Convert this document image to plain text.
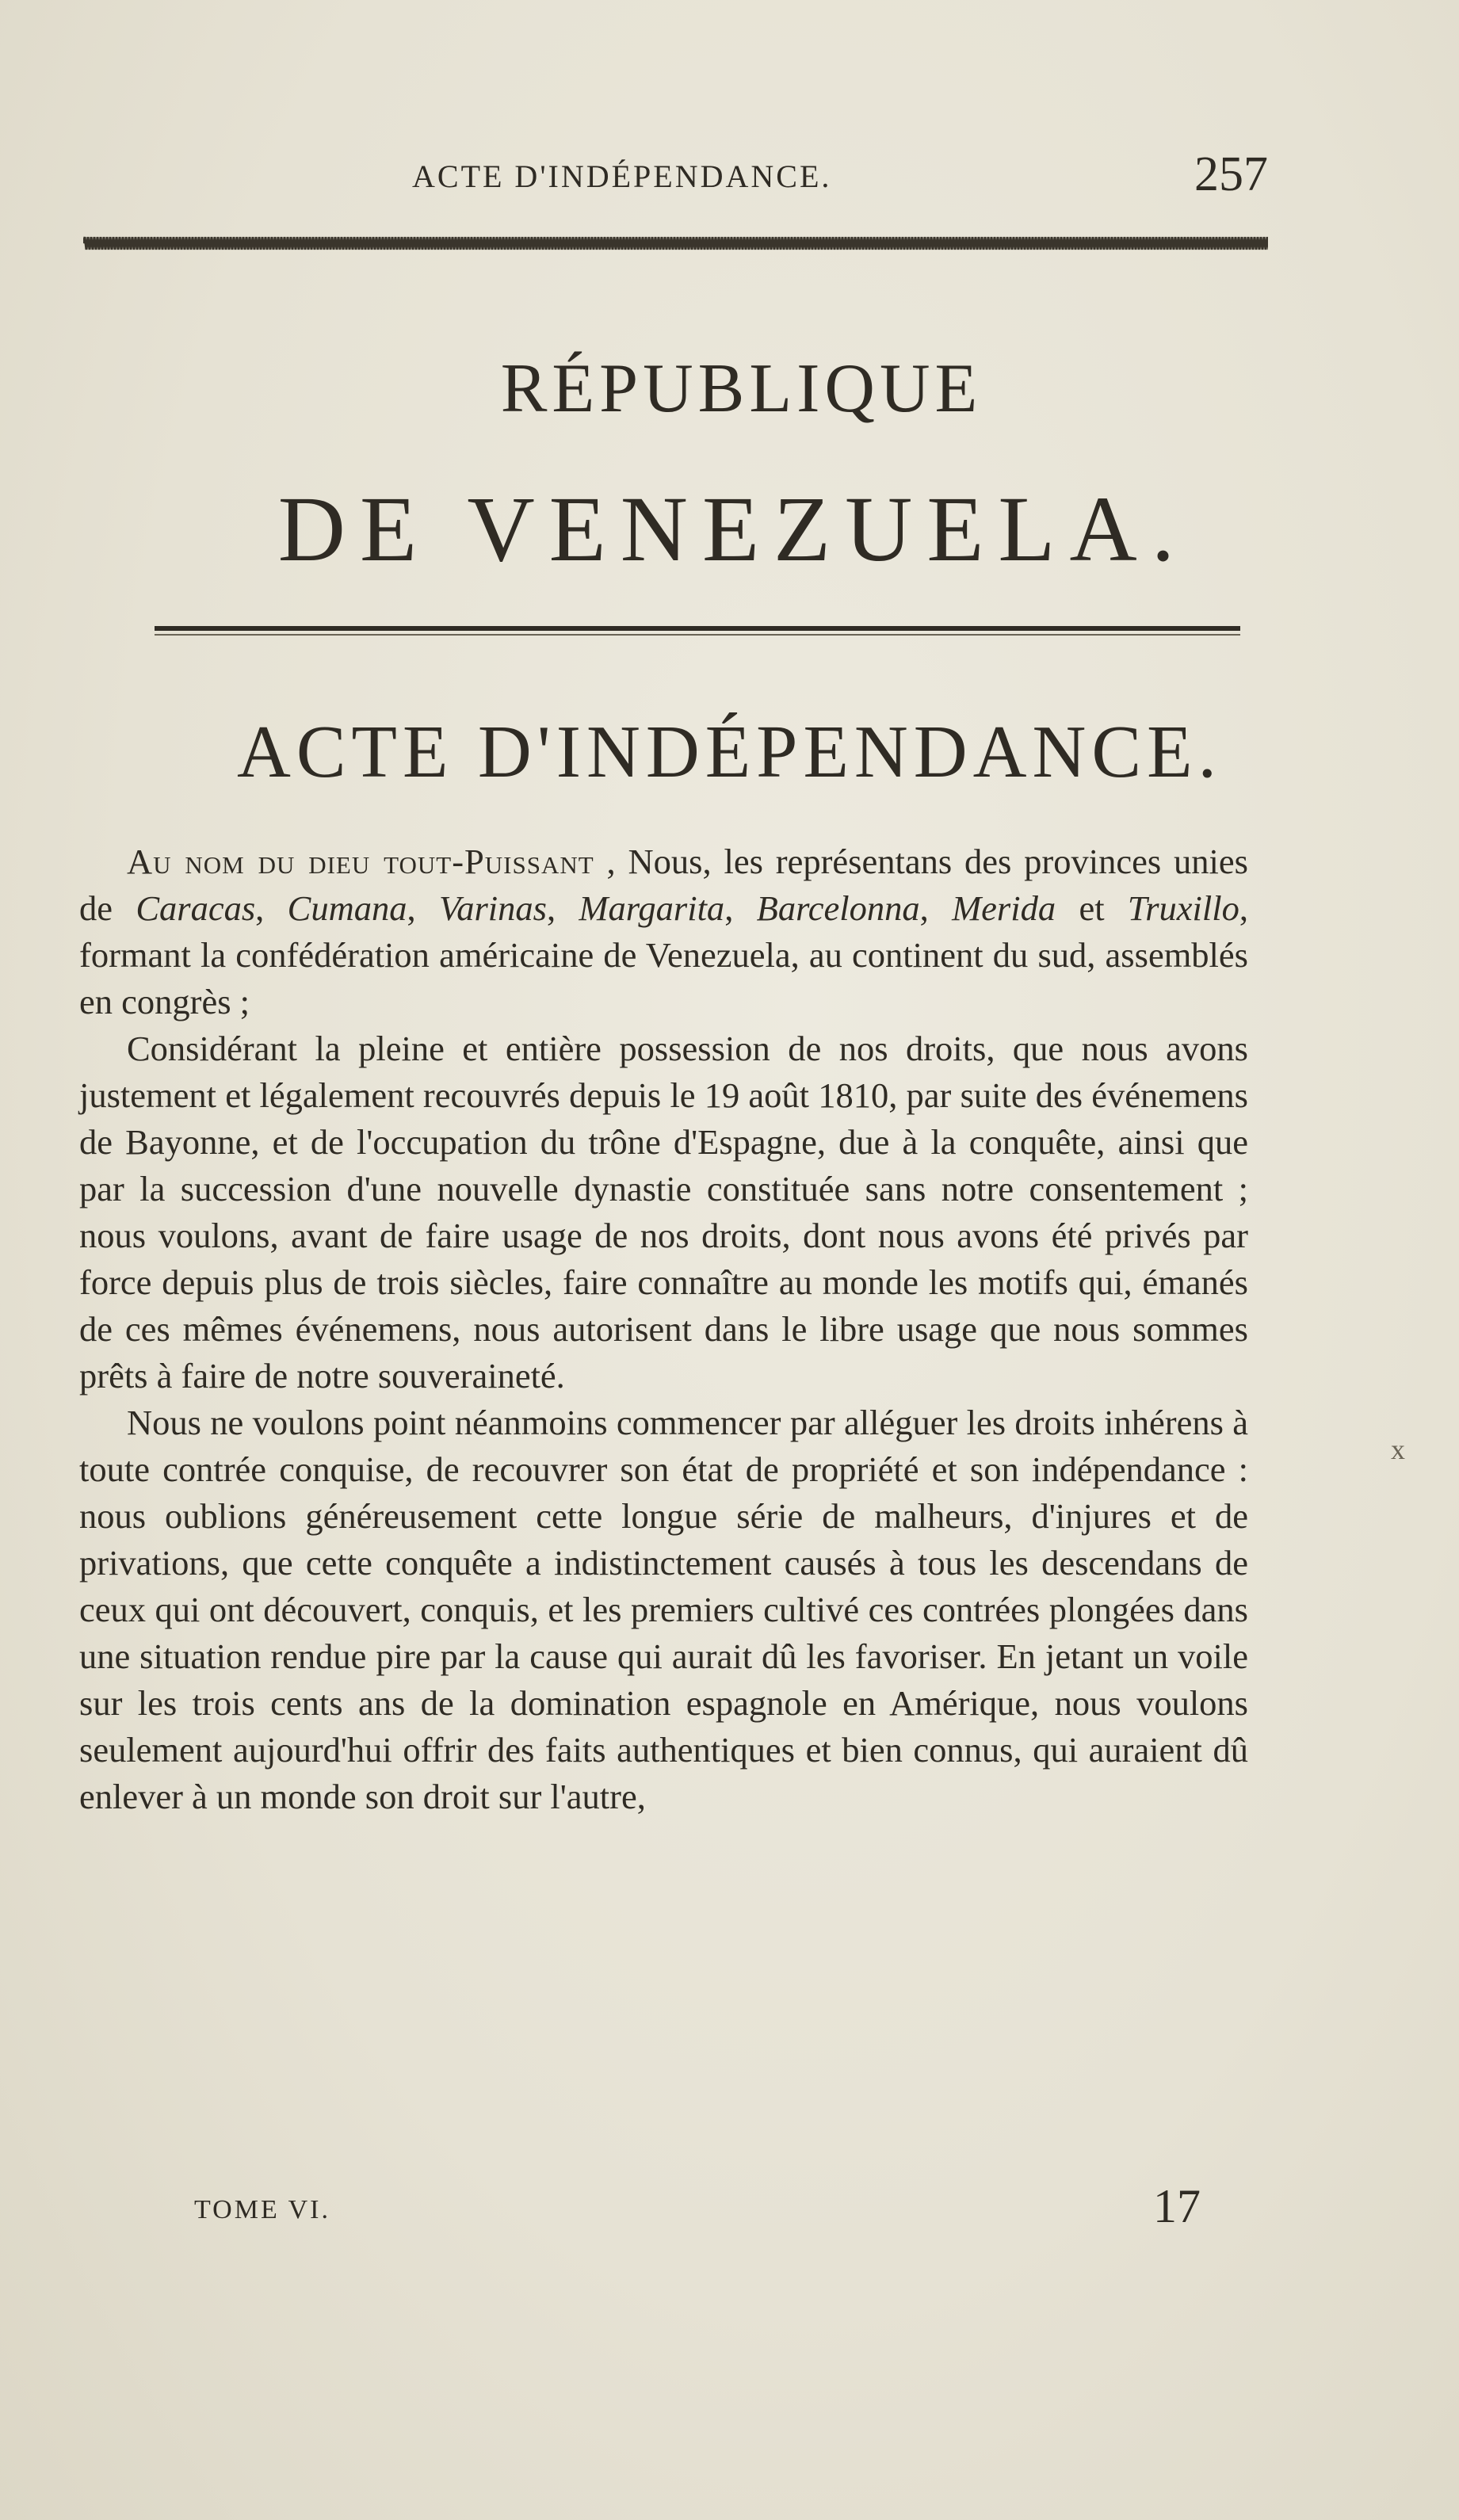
ACTE D'INDÉPENDANCE.	257
RÉPUBLIQUE
DE VENEZUELA.
ACTE D'INDÉPENDANCE.

Au nom du dieu tout-Puissant , Nous, les représentans des provinces unies de Caracas, Cumana, Varinas, Margarita, Barcelonna, Merida et Truxillo, formant la confédération américaine de Venezuela, au continent du sud, assemblés en congrès ;

Considérant la pleine et entière possession de nos droits, que nous avons justement et légalement recouvrés depuis le 19 août 1810, par suite des événemens de Bayonne, et de l'occupation du trône d'Espagne, due à la conquête, ainsi que par la succession d'une nouvelle dynastie constituée sans notre consentement ; nous voulons, avant de faire usage de nos droits, dont nous avons été privés par force depuis plus de trois siècles, faire connaître au monde les motifs qui, émanés de ces mêmes événemens, nous autorisent dans le libre usage que nous sommes prêts à faire de notre souveraineté.

Nous ne voulons point néanmoins commencer par alléguer les droits inhérens à toute contrée conquise, de recouvrer son état de propriété et son indépendance : nous oublions généreusement cette longue série de malheurs, d'injures et de privations, que cette conquête a indistinctement causés à tous les descendans de ceux qui ont découvert, conquis, et les premiers cultivé ces contrées plongées dans une situation rendue pire par la cause qui aurait dû les favoriser. En jetant un voile sur les trois cents ans de la domination espagnole en Amérique, nous voulons seulement aujourd'hui offrir des faits authentiques et bien connus, qui auraient dû enlever à un monde son droit sur l'autre,

x
TOME VI.	17
